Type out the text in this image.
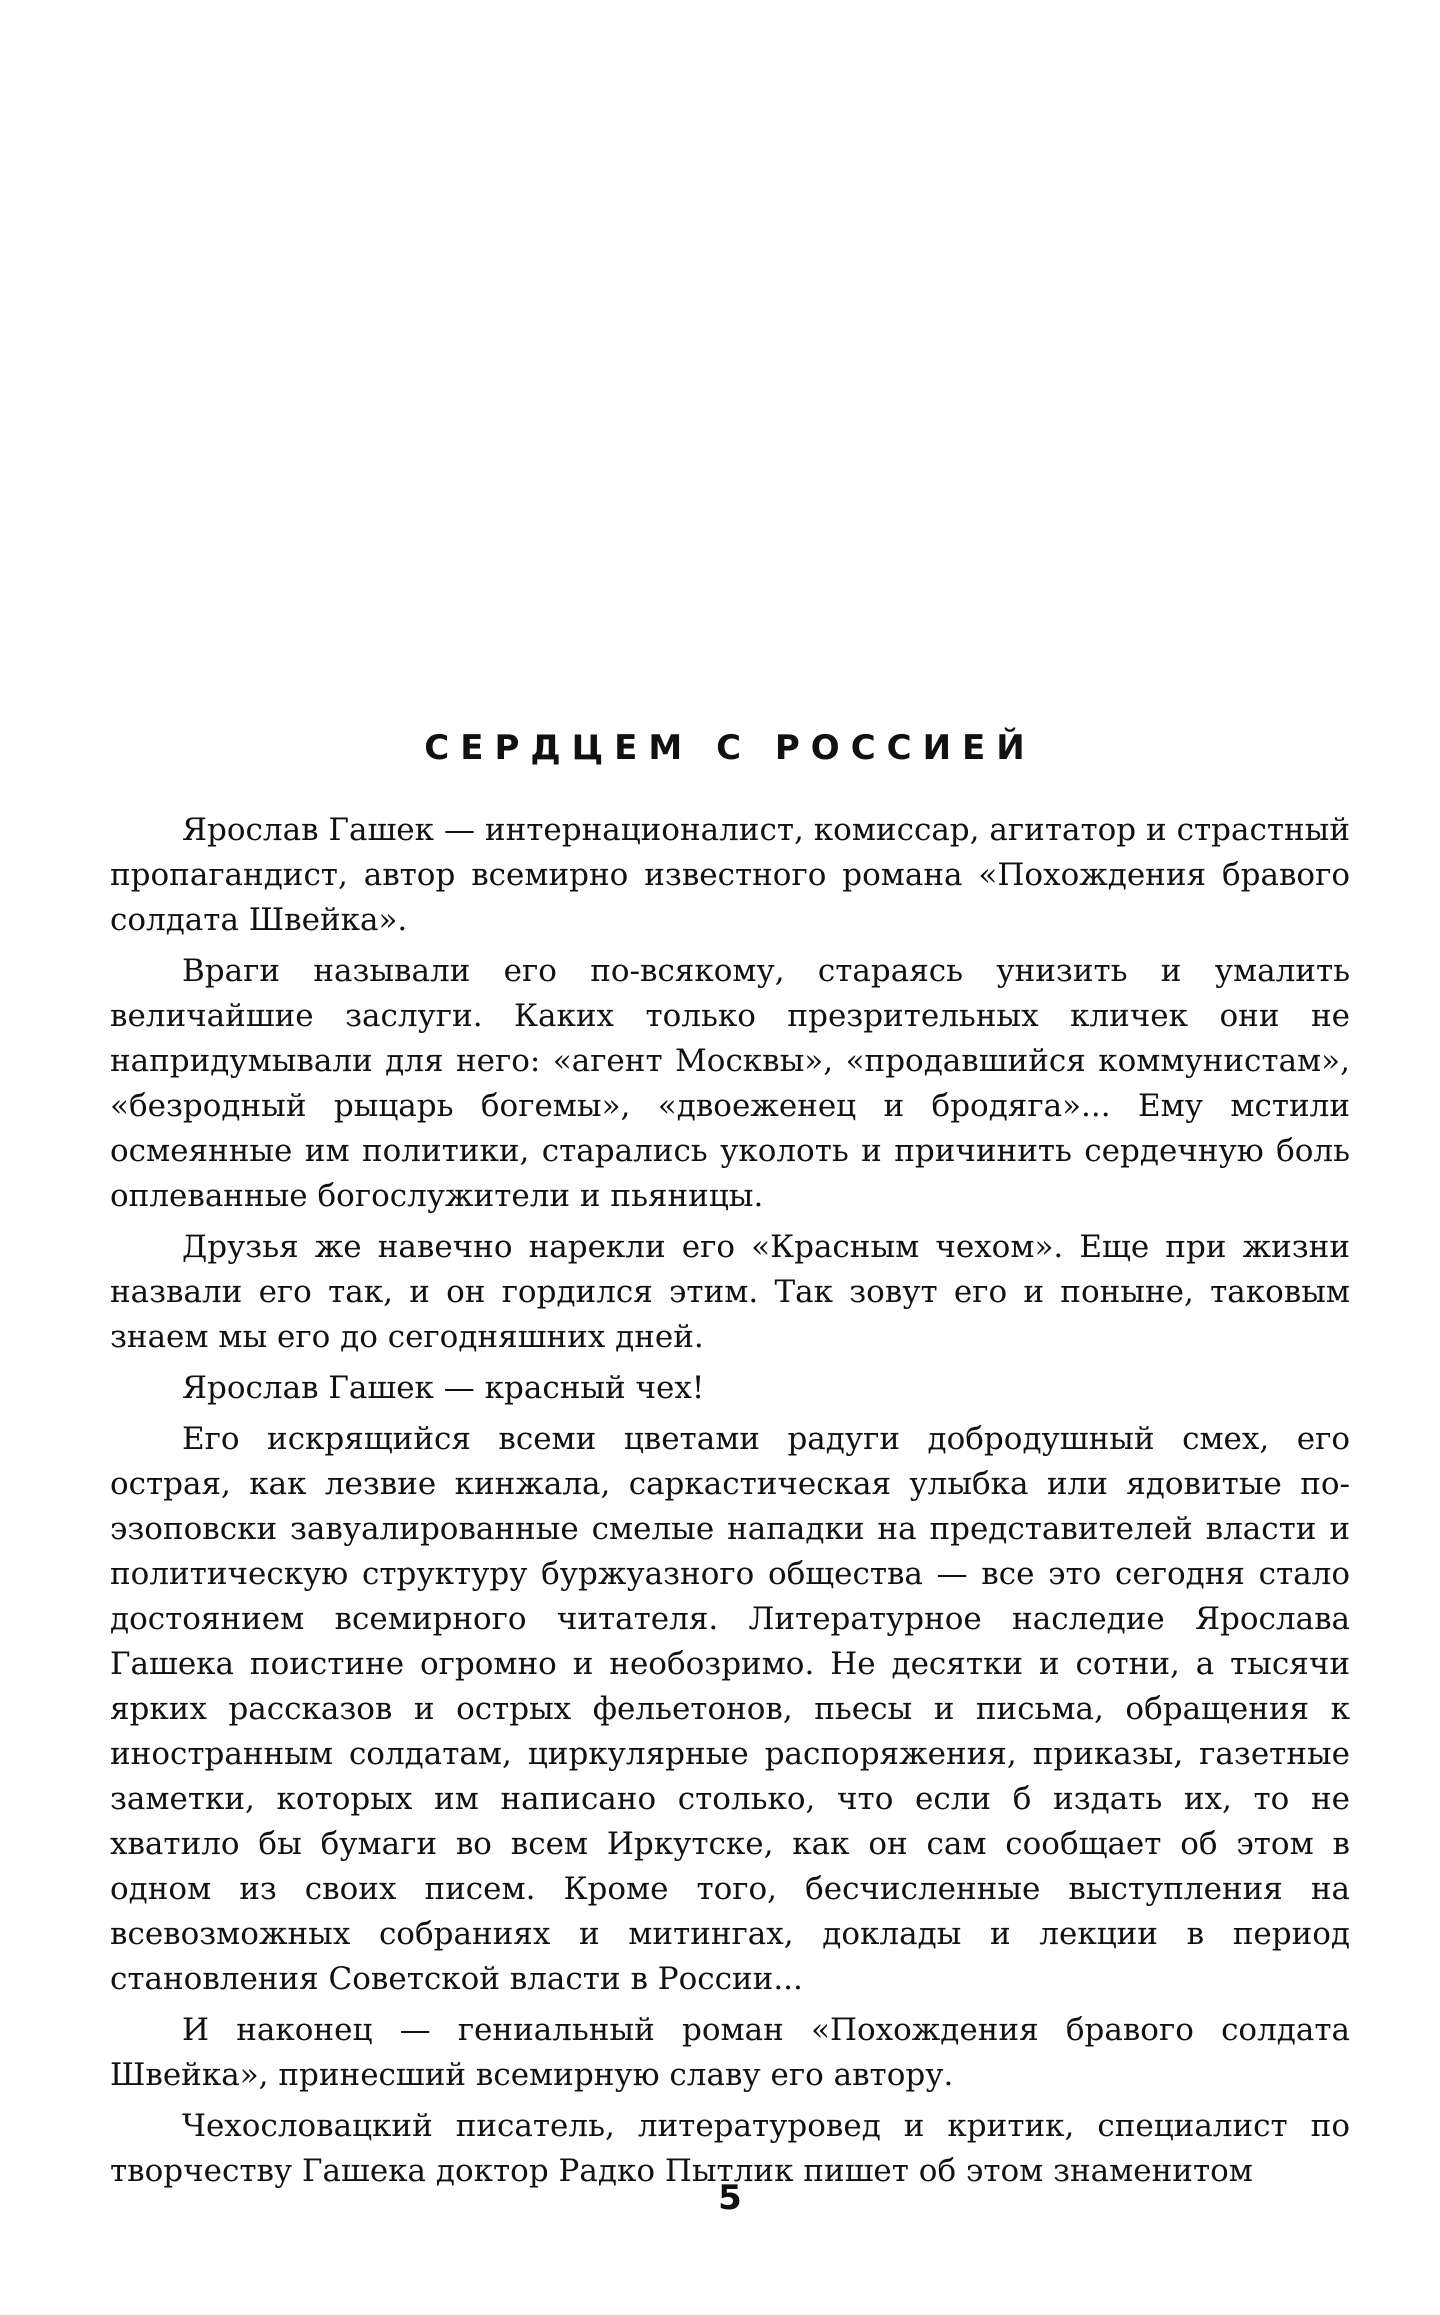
СЕРДЦЕМ С РОССИЕЙ

Ярослав Гашек — интернационалист, комиссар, агитатор и страстный пропагандист, автор всемирно известного романа «Похождения бравого солдата Швейка».

Враги называли его по-всякому, стараясь унизить и умалить величайшие заслуги. Каких только презрительных кличек они не напридумывали для него: «агент Москвы», «продавшийся коммунистам», «безродный рыцарь богемы», «двоеженец и бродяга»... Ему мстили осмеянные им политики, старались уколоть и причинить сердечную боль оплеванные богослужители и пьяницы.

Друзья же навечно нарекли его «Красным чехом». Еще при жизни назвали его так, и он гордился этим. Так зовут его и поныне, таковым знаем мы его до сегодняшних дней.

Ярослав Гашек — красный чех!

Его искрящийся всеми цветами радуги добродушный смех, его острая, как лезвие кинжала, саркастическая улыбка или ядовитые по-эзоповски завуалированные смелые нападки на представителей власти и политическую структуру буржуазного общества — все это сегодня стало достоянием всемирного читателя. Литературное наследие Ярослава Гашека поистине огромно и необозримо. Не десятки и сотни, а тысячи ярких рассказов и острых фельетонов, пьесы и письма, обращения к иностранным солдатам, циркулярные распоряжения, приказы, газетные заметки, которых им написано столько, что если б издать их, то не хватило бы бумаги во всем Иркутске, как он сам сообщает об этом в одном из своих писем. Кроме того, бесчисленные выступления на всевозможных собраниях и митингах, доклады и лекции в период становления Советской власти в России...

И наконец — гениальный роман «Похождения бравого солдата Швейка», принесший всемирную славу его автору.

Чехословацкий писатель, литературовед и критик, специалист по творчеству Гашека доктор Радко Пытлик пишет об этом знаменитом

5
